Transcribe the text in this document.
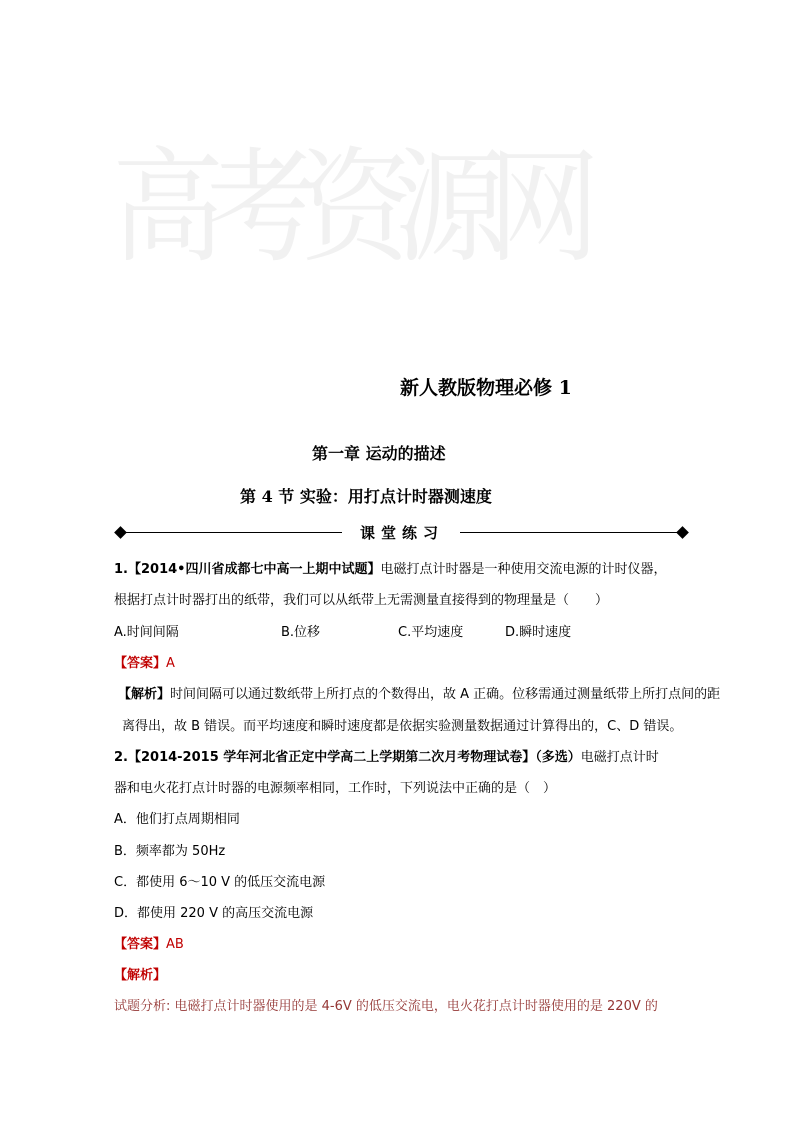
高考资源网
新人教版物理必修 1
第一章 运动的描述
第 4 节 实验：用打点计时器测速度
课堂练习
1.【2014•四川省成都七中高一上期中试题】电磁打点计时器是一种使用交流电源的计时仪器，
根据打点计时器打出的纸带，我们可以从纸带上无需测量直接得到的物理量是（　　）
A.时间间隔	B.位移	C.平均速度	D.瞬时速度
【答案】A
【解析】时间间隔可以通过数纸带上所打点的个数得出，故 A 正确。位移需通过测量纸带上所打点间的距
离得出，故 B 错误。而平均速度和瞬时速度都是依据实验测量数据通过计算得出的，C、D 错误。
2.【2014-2015 学年河北省正定中学高二上学期第二次月考物理试卷】（多选）电磁打点计时
器和电火花打点计时器的电源频率相同，工作时，下列说法中正确的是（　）
A．他们打点周期相同
B．频率都为 50Hz
C．都使用 6～10 V 的低压交流电源
D．都使用 220 V 的高压交流电源
【答案】AB
【解析】
试题分析: 电磁打点计时器使用的是 4-6V 的低压交流电，电火花打点计时器使用的是 220V 的
